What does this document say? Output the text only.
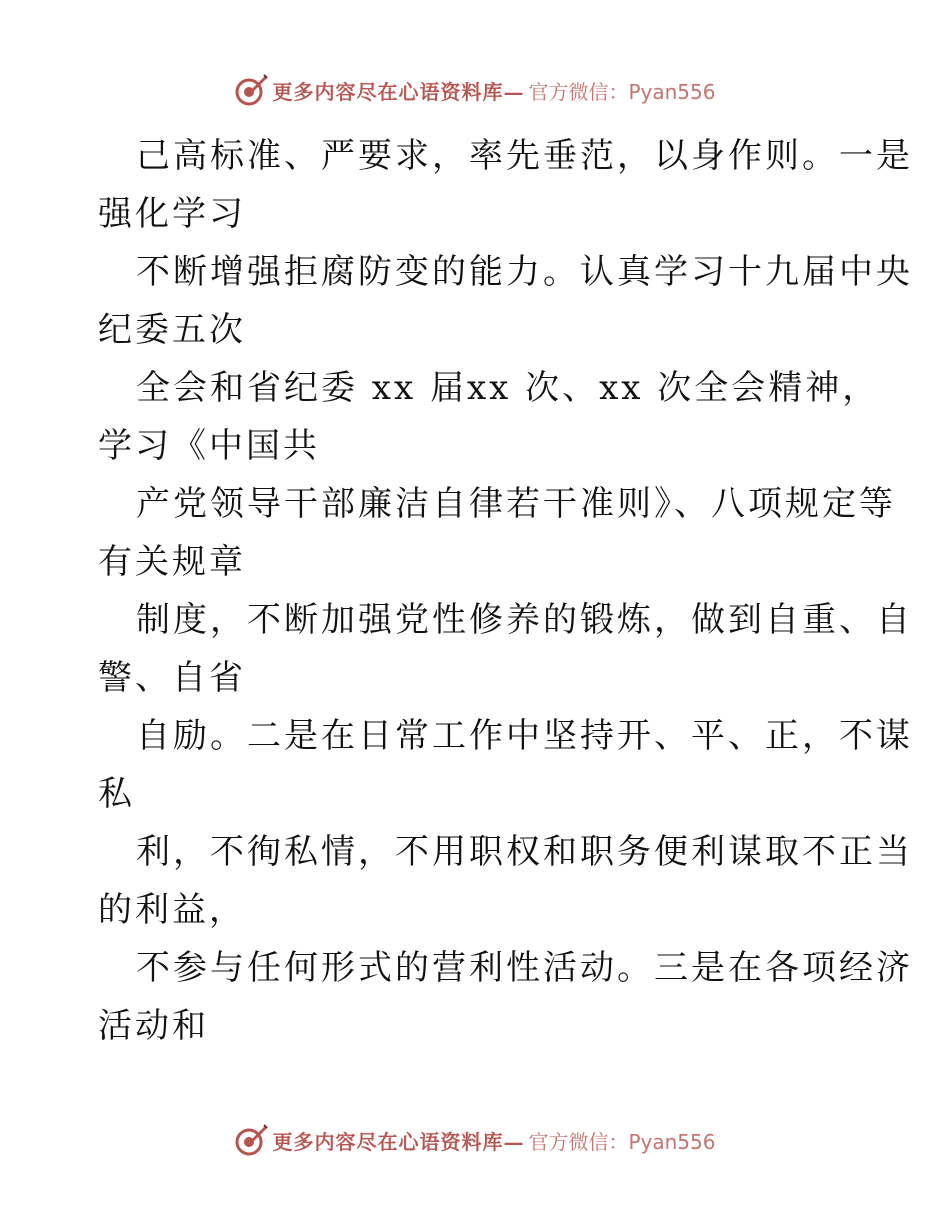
更多内容尽在心语资料库— 官方微信：Pyan556
己高标准、严要求，率先垂范，以身作则。一是
强化学习
不断增强拒腐防变的能力。认真学习十九届中央
纪委五次
全会和省纪委 xx 届xx 次、xx 次全会精神，
学习《中国共
产党领导干部廉洁自律若干准则》、八项规定等
有关规章
制度，不断加强党性修养的锻炼，做到自重、自
警、自省
自励。二是在日常工作中坚持开、平、正，不谋
私
利，不徇私情，不用职权和职务便利谋取不正当
的利益，
不参与任何形式的营利性活动。三是在各项经济
活动和
更多内容尽在心语资料库— 官方微信：Pyan556
